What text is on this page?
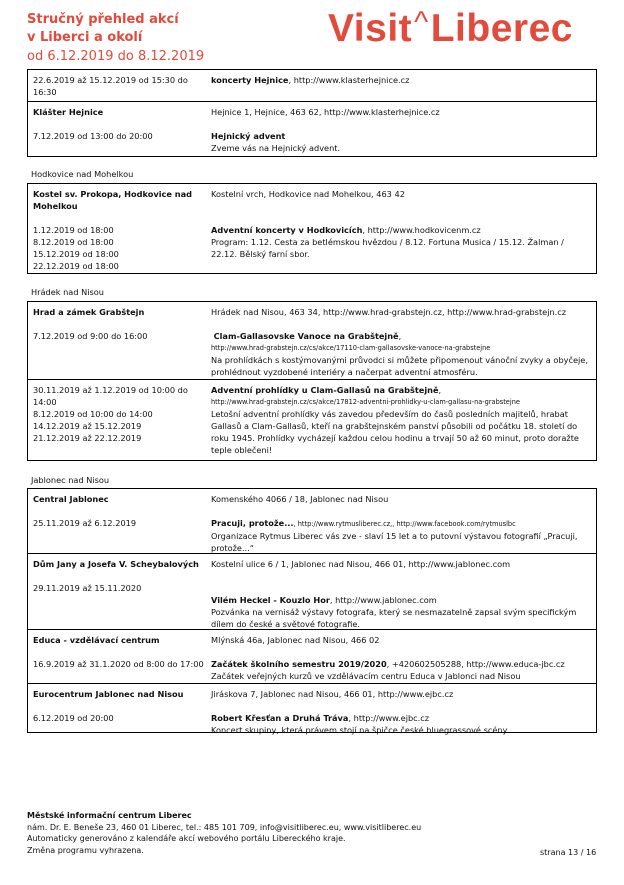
Stručný přehled akcí
v Liberci a okolí
od 6.12.2019 do 8.12.2019
Visit^Liberec
22.6.2019 až 15.12.2019 od 15:30 do 16:30
koncerty Hejnice, http://www.klasterhejnice.cz
Klášter Hejnice
7.12.2019 od 13:00 do 20:00
Hejnice 1, Hejnice, 463 62, http://www.klasterhejnice.cz
Hejnický advent
Zveme vás na Hejnický advent.
Hodkovice nad Mohelkou
Kostel sv. Prokopa, Hodkovice nad Mohelkou
1.12.2019 od 18:00
8.12.2019 od 18:00
15.12.2019 od 18:00
22.12.2019 od 18:00
Kostelní vrch, Hodkovice nad Mohelkou, 463 42
Adventní koncerty v Hodkovicích, http://www.hodkovicenm.cz
Program: 1.12. Cesta za betlémskou hvězdou / 8.12. Fortuna Musica / 15.12. Žalman / 22.12. Bělský farní sbor.
Hrádek nad Nisou
Hrad a zámek Grabštejn
7.12.2019 od 9:00 do 16:00
Hrádek nad Nisou, 463 34, http://www.hrad-grabstejn.cz, http://www.hrad-grabstejn.cz
Clam-Gallasovske Vanoce na Grabštejně,
http://www.hrad-grabstejn.cz/cs/akce/17110-clam-gallasovske-vanoce-na-grabstejne
Na prohlídkách s kostýmovanými průvodci si můžete připomenout vánoční zvyky a obyčeje, prohlédnout vyzdobené interiéry a načerpat adventní atmosféru.
30.11.2019 až 1.12.2019 od 10:00 do 14:00
8.12.2019 od 10:00 do 14:00
14.12.2019 až 15.12.2019
21.12.2019 až 22.12.2019
Adventní prohlídky u Clam-Gallasů na Grabštejně,
http://www.hrad-grabstejn.cz/cs/akce/17812-adventni-prohlidky-u-clam-gallasu-na-grabstejne
Letošní adventní prohlídky vás zavedou především do časů posledních majitelů, hrabat Gallasů a Clam-Gallasů, kteří na grabštejnském panství působili od počátku 18. století do roku 1945. Prohlídky vycházejí každou celou hodinu a trvají 50 až 60 minut, proto doražte teple oblečeni!
Jablonec nad Nisou
Central Jablonec
25.11.2019 až 6.12.2019
Komenského 4066 / 18, Jablonec nad Nisou
Pracuji, protože..., http://www.rytmusliberec.cz,, http://www.facebook.com/rytmuslbc
Organizace Rytmus Liberec vás zve - slaví 15 let a to putovní výstavou fotografií „Pracuji, protože...“
Dům Jany a Josefa V. Scheybalových
29.11.2019 až 15.11.2020
Kostelní ulice 6 / 1, Jablonec nad Nisou, 466 01, http://www.jablonec.com
Vilém Heckel - Kouzlo Hor, http://www.jablonec.com
Pozvánka na vernisáž výstavy fotografa, který se nesmazatelně zapsal svým specifickým dílem do české a světové fotografie.
Educa - vzdělávací centrum
16.9.2019 až 31.1.2020 od 8:00 do 17:00
Mlýnská 46a, Jablonec nad Nisou, 466 02
Začátek školního semestru 2019/2020, +420602505288, http://www.educa-jbc.cz
Začátek veřejných kurzů ve vzdělávacím centru Educa v Jablonci nad Nisou
Eurocentrum Jablonec nad Nisou
6.12.2019 od 20:00
Jiráskova 7, Jablonec nad Nisou, 466 01, http://www.ejbc.cz
Robert Křesťan a Druhá Tráva, http://www.ejbc.cz
Koncert skupiny, která právem stojí na špičce české bluegrassové scény
Městské informační centrum Liberec
nám. Dr. E. Beneše 23, 460 01 Liberec, tel.: 485 101 709, info@visitliberec.eu, www.visitliberec.eu
Automaticky generováno z kalendáře akcí webového portálu Libereckého kraje.
Změna programu vyhrazena.	strana 13 / 16
